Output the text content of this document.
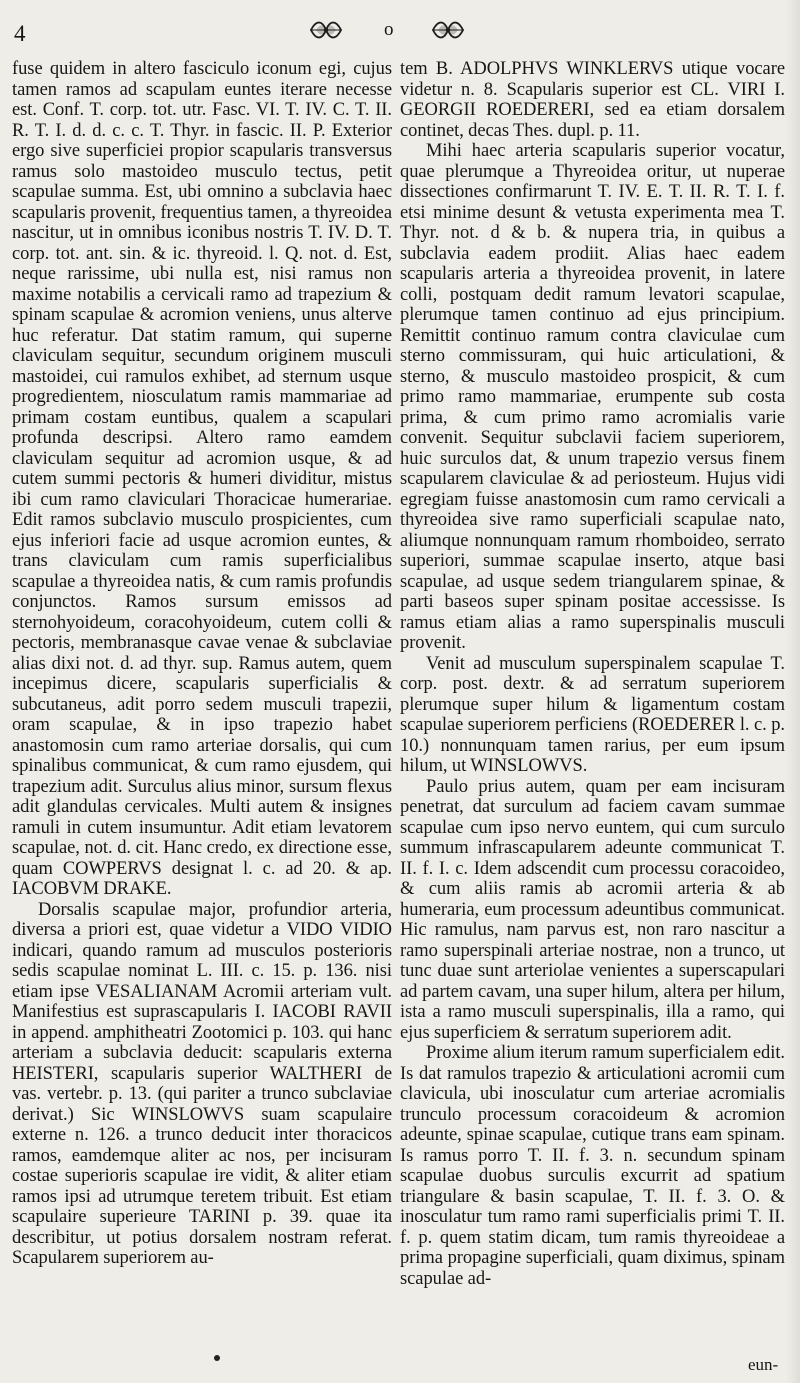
4	o

fuse quidem in altero fasciculo iconum egi, cujus tamen ramos ad scapulam euntes iterare necesse est. Conf. T. corp. tot. utr. Fasc. VI. T. IV. C. T. II. R. T. I. d. d. c. c. T. Thyr. in fascic. II. P. Exterior ergo sive superficiei propior scapularis transversus ramus solo mastoideo musculo tectus, petit scapulae summa. Est, ubi omnino a subclavia haec scapularis provenit, frequentius tamen, a thyreoidea nascitur, ut in omnibus iconibus nostris T. IV. D. T. corp. tot. ant. sin. & ic. thyreoid. l. Q. not. d. Est, neque rarissime, ubi nulla est, nisi ramus non maxime notabilis a cervicali ramo ad trapezium & spinam scapulae & acromion veniens, unus alterve huc referatur. Dat statim ramum, qui superne claviculam sequitur, secundum originem musculi mastoidei, cui ramulos exhibet, ad sternum usque progredientem, niosculatum ramis mammariae ad primam costam euntibus, qualem a scapulari profunda descripsi. Altero ramo eamdem claviculam sequitur ad acromion usque, & ad cutem summi pectoris & humeri dividitur, mistus ibi cum ramo claviculari Thoracicae humerariae. Edit ramos subclavio musculo prospicientes, cum ejus inferiori facie ad usque acromion euntes, & trans claviculam cum ramis superficialibus scapulae a thyreoidea natis, & cum ramis profundis conjunctos. Ramos sursum emissos ad sternohyoideum, coracohyoideum, cutem colli & pectoris, membranasque cavae venae & subclaviae alias dixi not. d. ad thyr. sup. Ramus autem, quem incepimus dicere, scapularis superficialis & subcutaneus, adit porro sedem musculi trapezii, oram scapulae, & in ipso trapezio habet anastomosin cum ramo arteriae dorsalis, qui cum spinalibus communicat, & cum ramo ejusdem, qui trapezium adit. Surculus alius minor, sursum flexus adit glandulas cervicales. Multi autem & insignes ramuli in cutem insumuntur. Adit etiam levatorem scapulae, not. d. cit. Hanc credo, ex directione esse, quam COWPERVS designat l. c. ad 20. & ap. IACOBVM DRAKE.

Dorsalis scapulae major, profundior arteria, diversa a priori est, quae videtur a VIDO VIDIO indicari, quando ramum ad musculos posterioris sedis scapulae nominat L. III. c. 15. p. 136. nisi etiam ipse VESALIANAM Acromii arteriam vult. Manifestius est suprascapularis I. IACOBI RAVII in append. amphitheatri Zootomici p. 103. qui hanc arteriam a subclavia deducit: scapularis externa HEISTERI, scapularis superior WALTHERI de vas. vertebr. p. 13. (qui pariter a trunco subclaviae derivat.) Sic WINSLOWVS suam scapulaire externe n. 126. a trunco deducit inter thoracicos ramos, eamdemque aliter ac nos, per incisuram costae superioris scapulae ire vidit, & aliter etiam ramos ipsi ad utrumque teretem tribuit. Est etiam scapulaire superieure TARINI p. 39. quae ita describitur, ut potius dorsalem nostram referat. Scapularem superiorem au-

tem B. ADOLPHVS WINKLERVS utique vocare videtur n. 8. Scapularis superior est CL. VIRI I. GEORGII ROEDERERI, sed ea etiam dorsalem continet, decas Thes. dupl. p. 11.

Mihi haec arteria scapularis superior vocatur, quae plerumque a Thyreoidea oritur, ut nuperae dissectiones confirmarunt T. IV. E. T. II. R. T. I. f. etsi minime desunt & vetusta experimenta mea T. Thyr. not. d & b. & nupera tria, in quibus a subclavia eadem prodiit. Alias haec eadem scapularis arteria a thyreoidea provenit, in latere colli, postquam dedit ramum levatori scapulae, plerumque tamen continuo ad ejus principium. Remittit continuo ramum contra claviculae cum sterno commissuram, qui huic articulationi, & sterno, & musculo mastoideo prospicit, & cum primo ramo mammariae, erumpente sub costa prima, & cum primo ramo acromialis varie convenit. Sequitur subclavii faciem superiorem, huic surculos dat, & unum trapezio versus finem scapularem claviculae & ad periosteum. Hujus vidi egregiam fuisse anastomosin cum ramo cervicali a thyreoidea sive ramo superficiali scapulae nato, aliumque nonnunquam ramum rhomboideo, serrato superiori, summae scapulae inserto, atque basi scapulae, ad usque sedem triangularem spinae, & parti baseos super spinam positae accessisse. Is ramus etiam alias a ramo superspinalis musculi provenit.

Venit ad musculum superspinalem scapulae T. corp. post. dextr. & ad serratum superiorem plerumque super hilum & ligamentum costam scapulae superiorem perficiens (ROEDERER l. c. p. 10.) nonnunquam tamen rarius, per eum ipsum hilum, ut WINSLOWVS.

Paulo prius autem, quam per eam incisuram penetrat, dat surculum ad faciem cavam summae scapulae cum ipso nervo euntem, qui cum surculo summum infrascapularem adeunte communicat T. II. f. I. c. Idem adscendit cum processu coracoideo, & cum aliis ramis ab acromii arteria & ab humeraria, eum processum adeuntibus communicat. Hic ramulus, nam parvus est, non raro nascitur a ramo superspinali arteriae nostrae, non a trunco, ut tunc duae sunt arteriolae venientes a superscapulari ad partem cavam, una super hilum, altera per hilum, ista a ramo musculi superspinalis, illa a ramo, qui ejus superficiem & serratum superiorem adit.

Proxime alium iterum ramum superficialem edit. Is dat ramulos trapezio & articulationi acromii cum clavicula, ubi inosculatur cum arteriae acromialis trunculo processum coracoideum & acromion adeunte, spinae scapulae, cutique trans eam spinam. Is ramus porro T. II. f. 3. n. secundum spinam scapulae duobus surculis excurrit ad spatium triangulare & basin scapulae, T. II. f. 3. O. & inosculatur tum ramo rami superficialis primi T. II. f. p. quem statim dicam, tum ramis thyreoideae a prima propagine superficiali, quam diximus, spinam scapulae ad-

eun-
